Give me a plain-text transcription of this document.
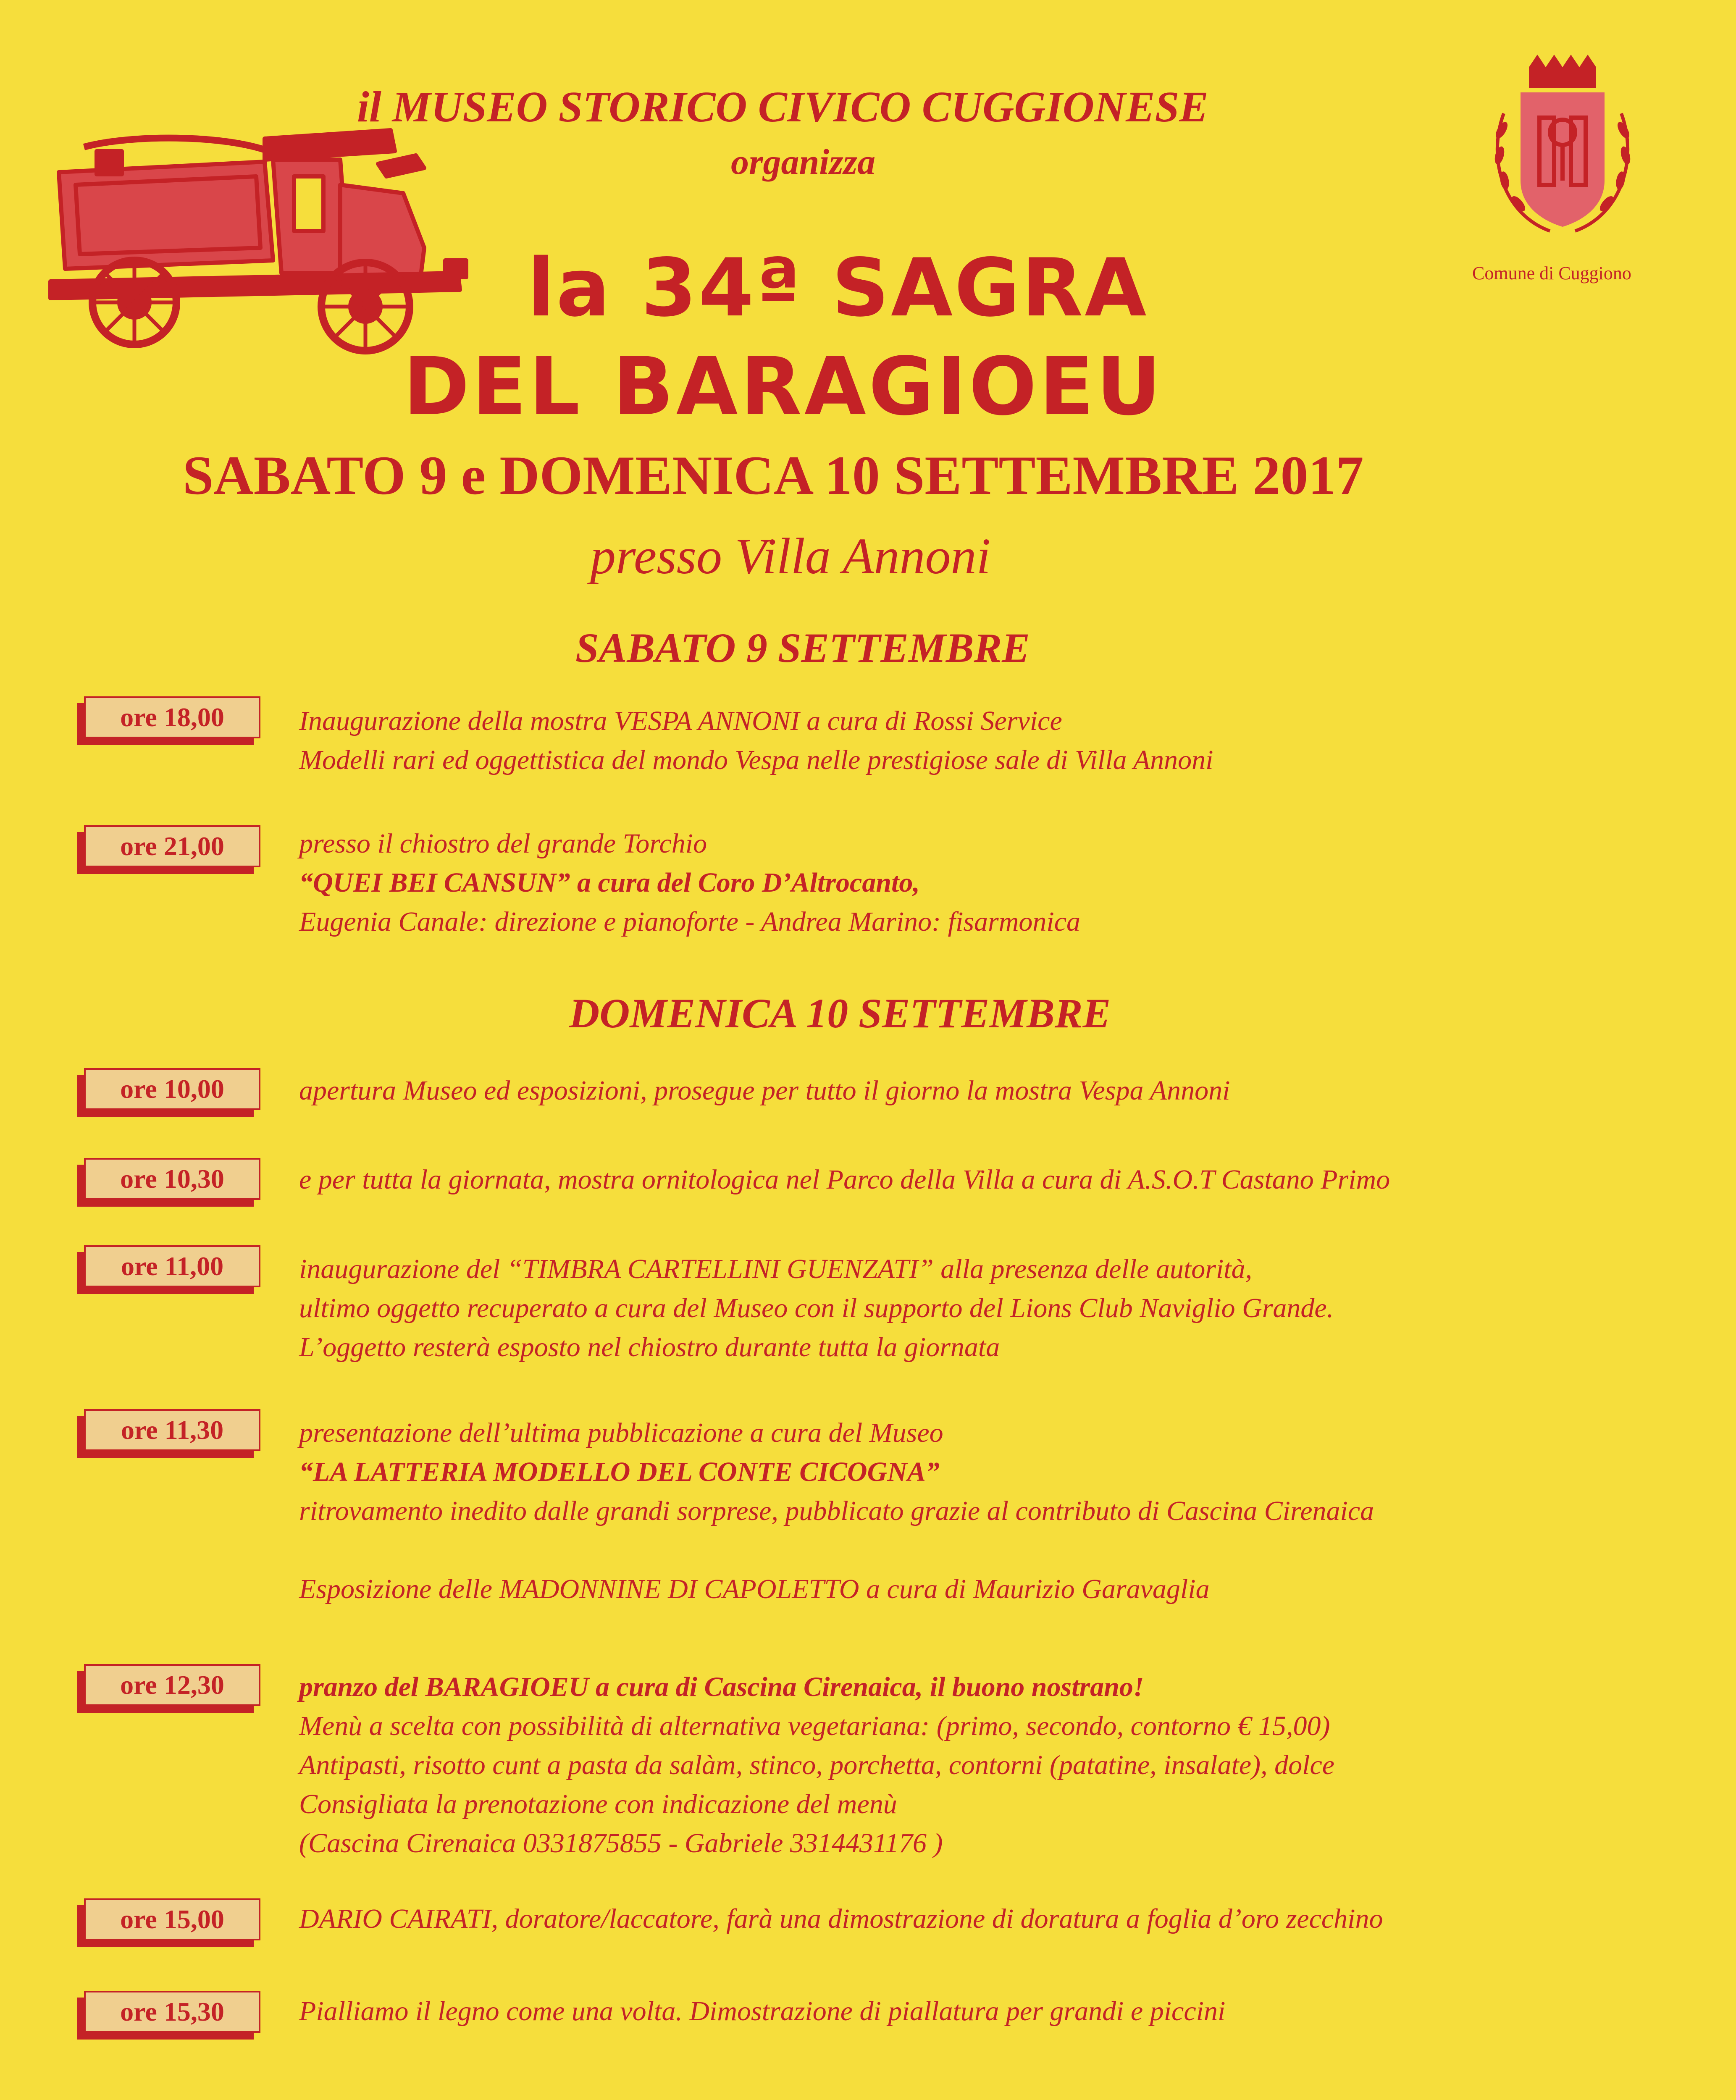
il MUSEO STORICO CIVICO CUGGIONESE
organizza
la 34ª SAGRA
DEL BARAGIOEU
SABATO 9 e DOMENICA 10 SETTEMBRE 2017
presso Villa Annoni
Comune di Cuggiono
SABATO 9 SETTEMBRE
ore 18,00	Inaugurazione della mostra VESPA ANNONI a cura di Rossi Service
Modelli rari ed oggettistica del mondo Vespa nelle prestigiose sale di Villa Annoni
ore 21,00	presso il chiostro del grande Torchio
“QUEI BEI CANSUN” a cura del Coro D’Altrocanto,
Eugenia Canale: direzione e pianoforte - Andrea Marino: fisarmonica
DOMENICA 10 SETTEMBRE
ore 10,00	apertura Museo ed esposizioni, prosegue per tutto il giorno la mostra Vespa Annoni
ore 10,30	e per tutta la giornata, mostra ornitologica nel Parco della Villa a cura di A.S.O.T Castano Primo
ore 11,00	inaugurazione del “TIMBRA CARTELLINI GUENZATI” alla presenza delle autorità,
ultimo oggetto recuperato a cura del Museo con il supporto del Lions Club Naviglio Grande.
L’oggetto resterà esposto nel chiostro durante tutta la giornata
ore 11,30	presentazione dell’ultima pubblicazione a cura del Museo
“LA LATTERIA MODELLO DEL CONTE CICOGNA”
ritrovamento inedito dalle grandi sorprese, pubblicato grazie al contributo di Cascina Cirenaica
Esposizione delle MADONNINE DI CAPOLETTO a cura di Maurizio Garavaglia
ore 12,30	pranzo del BARAGIOEU a cura di Cascina Cirenaica, il buono nostrano!
Menù a scelta con possibilità di alternativa vegetariana: (primo, secondo, contorno € 15,00)
Antipasti, risotto cunt a pasta da salàm, stinco, porchetta, contorni (patatine, insalate), dolce
Consigliata la prenotazione con indicazione del menù
(Cascina Cirenaica 0331875855 - Gabriele 3314431176 )
ore 15,00	DARIO CAIRATI, doratore/laccatore, farà una dimostrazione di doratura a foglia d’oro zecchino
ore 15,30	Pialliamo il legno come una volta. Dimostrazione di piallatura per grandi e piccini
